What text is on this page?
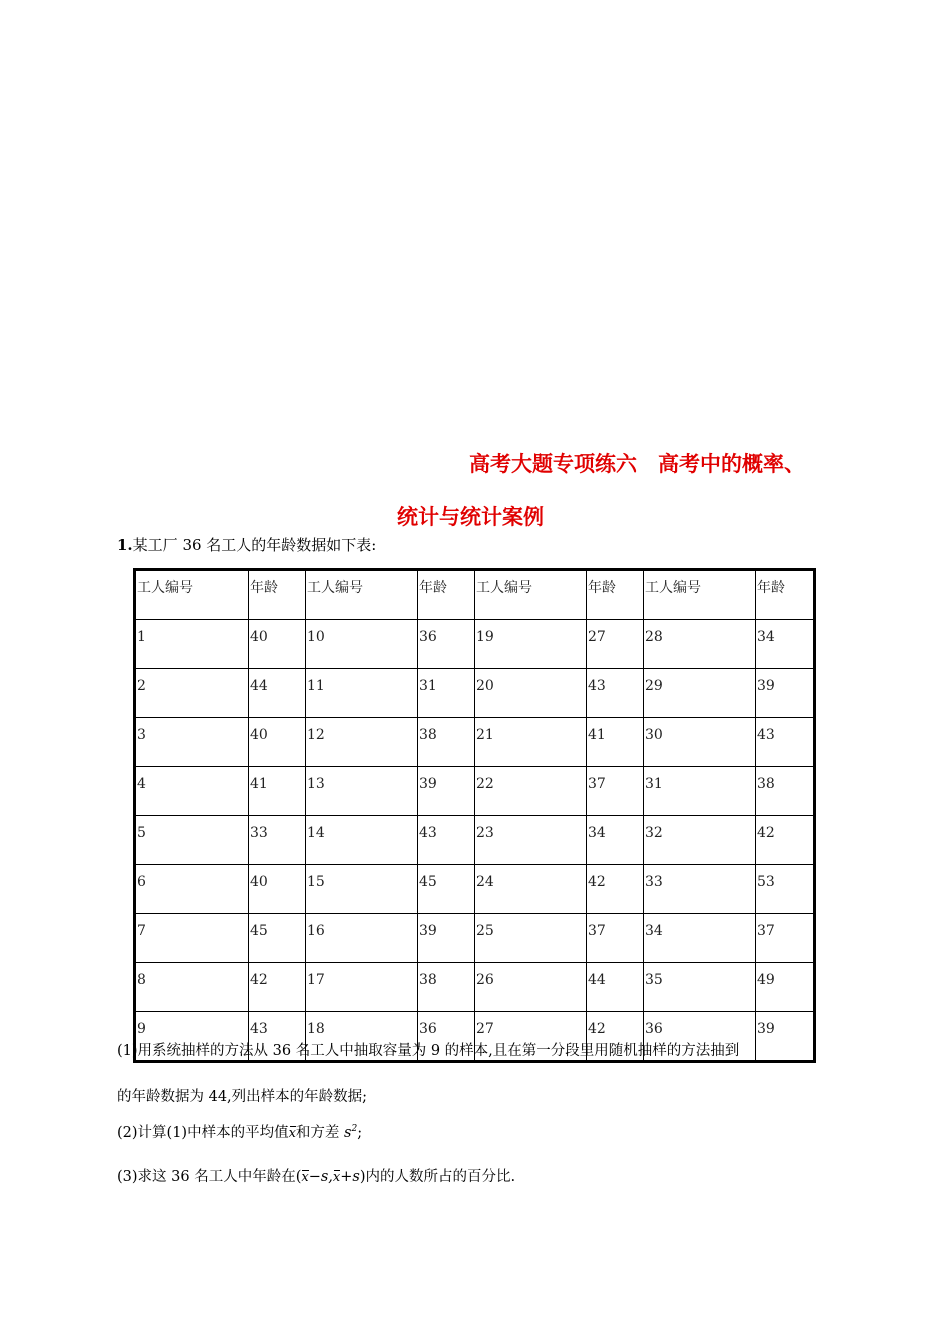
高考大题专项练六　高考中的概率、
统计与统计案例
1.某工厂 36 名工人的年龄数据如下表:
工人编号	年龄	工人编号	年龄	工人编号	年龄	工人编号	年龄
1	40	10	36	19	27	28	34
2	44	11	31	20	43	29	39
3	40	12	38	21	41	30	43
4	41	13	39	22	37	31	38
5	33	14	43	23	34	32	42
6	40	15	45	24	42	33	53
7	45	16	39	25	37	34	37
8	42	17	38	26	44	35	49
9	43	18	36	27	42	36	39
(1)用系统抽样的方法从 36 名工人中抽取容量为 9 的样本,且在第一分段里用随机抽样的方法抽到
的年龄数据为 44,列出样本的年龄数据;
(2)计算(1)中样本的平均值x和方差 $s^2$;
(3)求这 36 名工人中年龄在(x−s,x+s)内的人数所占的百分比.
